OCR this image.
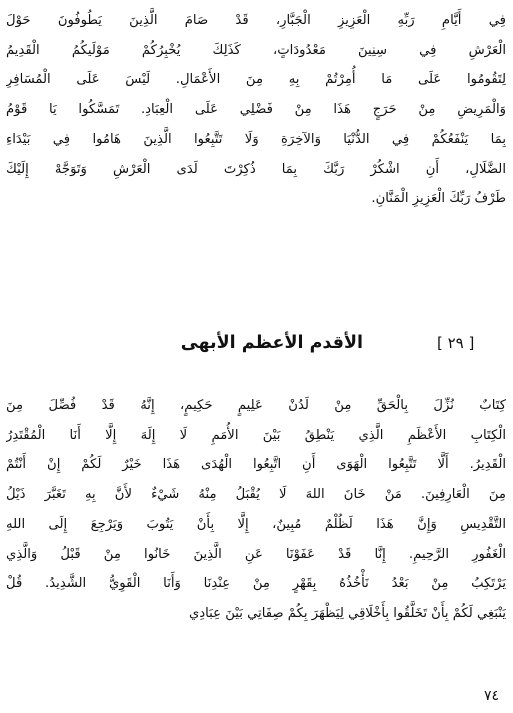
فِي أَيَّامِ رَبِّهِ الْعَزِيزِ الْجَبَّارِ، قَدْ صَامَ الَّذِينَ يَطُوفُونَ حَوْلَ
الْعَرْشِ فِي سِنِينَ مَعْدُودَاتٍ، كَذَلِكَ يُخْبِرُكُمْ مَوْلَيكُمُ الْقَدِيمُ
لِتَقُومُوا عَلَى مَا أُمِرْتُمْ بِهِ مِنَ الأَعْمَالِ. لَيْسَ عَلَى الْمُسَافِرِ
وَالْمَرِيضِ مِنْ حَرَجٍ هَذَا مِنْ فَضْلِي عَلَى الْعِبَادِ. تَمَسَّكُوا يَا قَوْمُ
بِمَا يَنْفَعُكُمْ فِي الدُّنْيَا وَالآخِرَةِ وَلَا تَتَّبِعُوا الَّذِينَ هَامُوا فِي بَيْدَاءِ
الضَّلَالِ، أَنِ اشْكُرْ رَبَّكَ بِمَا ذُكِرْتَ لَدَى الْعَرْشِ وَتَوَجَّهْ إِلَيْكَ
طَرْفُ رَبِّكَ الْعَزِيزِ الْمَنَّانِ.
الأقدم الأعظم الأبهى	[ ٢٩ ]
كِتَابٌ نُزِّلَ بِالْحَقِّ مِنْ لَدُنْ عَلِيمٍ حَكِيمٍ، إِنَّهُ قَدْ فُصِّلَ مِنَ
الْكِتَابِ الأَعْظَمِ الَّذِي يَنْطِقُ بَيْنَ الأُمَمِ لَا إِلَهَ إِلَّا أَنَا الْمُقْتَدِرُ
الْقَدِيرُ. أَلَّا تَتَّبِعُوا الْهَوَى أَنِ اتَّبِعُوا الْهُدَى هَذَا خَيْرٌ لَكُمْ إِنْ أَنْتُمْ
مِنَ الْعَارِفِينَ. مَنْ خَانَ اللهَ لَا يُقْبَلُ مِنْهُ شَيْءٌ لأَنَّ بِهِ تَغَبَّرَ ذَيْلُ
التَّقْدِيسِ وَإِنَّ هَذَا لَظُلْمٌ مُبِينٌ، إِلَّا بِأَنْ يَتُوبَ وَيَرْجِعَ إِلَى اللهِ
الْغَفُورِ الرَّحِيمِ. إِنَّا قَدْ عَفَوْنَا عَنِ الَّذِينَ خَانُوا مِنْ قَبْلُ وَالَّذِي
يَرْتَكِبُ مِنْ بَعْدُ نَأْخُذُهُ بِقَهْرٍ مِنْ عِنْدِنَا وَأَنَا الْقَوِيُّ الشَّدِيدُ. قُلْ
يَنْبَغِي لَكُمْ بِأَنْ تَخَلَّقُوا بِأَخْلَاقِي لِيَظْهَرَ بِكُمْ صِفَاتِي بَيْنَ عِبَادِي
٧٤
